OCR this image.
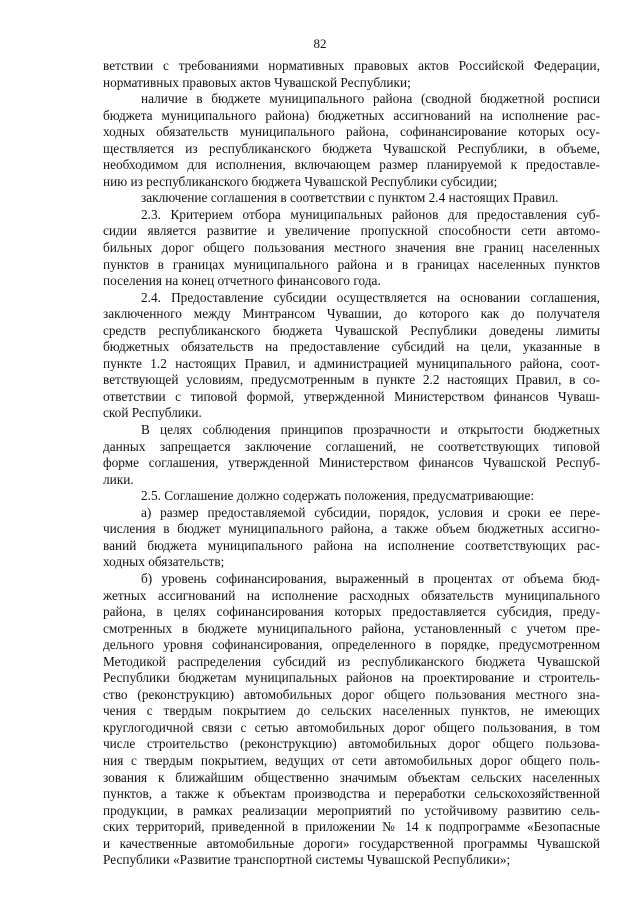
82
ветствии с требованиями нормативных правовых актов Российской Федерации,
нормативных правовых актов Чувашской Республики;
наличие в бюджете муниципального района (сводной бюджетной росписи
бюджета муниципального района) бюджетных ассигнований на исполнение рас-
ходных обязательств муниципального района, софинансирование которых осу-
ществляется из республиканского бюджета Чувашской Республики, в объеме,
необходимом для исполнения, включающем размер планируемой к предоставле-
нию из республиканского бюджета Чувашской Республики субсидии;
заключение соглашения в соответствии с пунктом 2.4 настоящих Правил.
2.3. Критерием отбора муниципальных районов для предоставления суб-
сидии является развитие и увеличение пропускной способности сети автомо-
бильных дорог общего пользования местного значения вне границ населенных
пунктов в границах муниципального района и в границах населенных пунктов
поселения на конец отчетного финансового года.
2.4. Предоставление субсидии осуществляется на основании соглашения,
заключенного между Минтрансом Чувашии, до которого как до получателя
средств республиканского бюджета Чувашской Республики доведены лимиты
бюджетных обязательств на предоставление субсидий на цели, указанные в
пункте 1.2 настоящих Правил, и администрацией муниципального района, соот-
ветствующей условиям, предусмотренным в пункте 2.2 настоящих Правил, в со-
ответствии с типовой формой, утвержденной Министерством финансов Чуваш-
ской Республики.
В целях соблюдения принципов прозрачности и открытости бюджетных
данных запрещается заключение соглашений, не соответствующих типовой
форме соглашения, утвержденной Министерством финансов Чувашской Респуб-
лики.
2.5. Соглашение должно содержать положения, предусматривающие:
а) размер предоставляемой субсидии, порядок, условия и сроки ее пере-
числения в бюджет муниципального района, а также объем бюджетных ассигно-
ваний бюджета муниципального района на исполнение соответствующих рас-
ходных обязательств;
б) уровень софинансирования, выраженный в процентах от объема бюд-
жетных ассигнований на исполнение расходных обязательств муниципального
района, в целях софинансирования которых предоставляется субсидия, преду-
смотренных в бюджете муниципального района, установленный с учетом пре-
дельного уровня софинансирования, определенного в порядке, предусмотренном
Методикой распределения субсидий из республиканского бюджета Чувашской
Республики бюджетам муниципальных районов на проектирование и строитель-
ство (реконструкцию) автомобильных дорог общего пользования местного зна-
чения с твердым покрытием до сельских населенных пунктов, не имеющих
круглогодичной связи с сетью автомобильных дорог общего пользования, в том
числе строительство (реконструкцию) автомобильных дорог общего пользова-
ния с твердым покрытием, ведущих от сети автомобильных дорог общего поль-
зования к ближайшим общественно значимым объектам сельских населенных
пунктов, а также к объектам производства и переработки сельскохозяйственной
продукции, в рамках реализации мероприятий по устойчивому развитию сель-
ских территорий, приведенной в приложении № 14 к подпрограмме «Безопасные
и качественные автомобильные дороги» государственной программы Чувашской
Республики «Развитие транспортной системы Чувашской Республики»;
